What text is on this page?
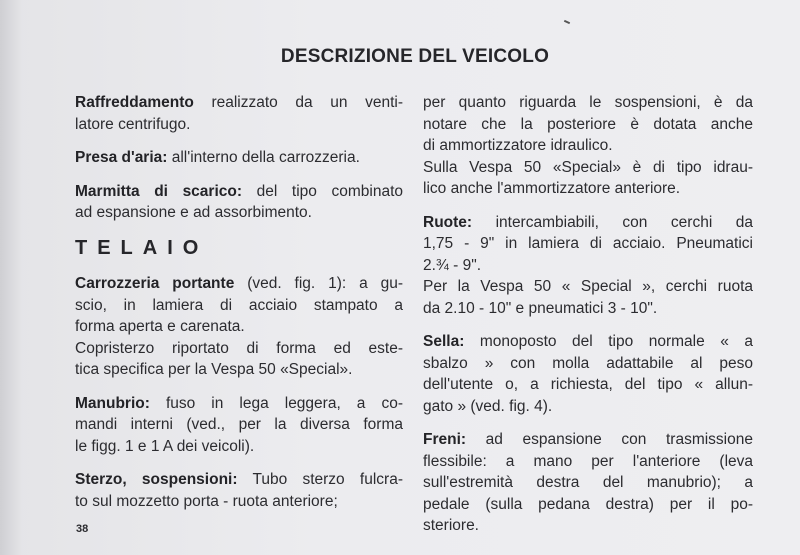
DESCRIZIONE DEL VEICOLO
Raffreddamento realizzato da un venti-
latore centrifugo.
Presa d'aria: all'interno della carrozzeria.
Marmitta di scarico: del tipo combinato
ad espansione e ad assorbimento.
TELAIO
Carrozzeria portante (ved. fig. 1): a gu-
scio, in lamiera di acciaio stampato a
forma aperta e carenata.
Copristerzo riportato di forma ed este-
tica specifica per la Vespa 50 «Special».
Manubrio: fuso in lega leggera, a co-
mandi interni (ved., per la diversa forma
le figg. 1 e 1 A dei veicoli).
Sterzo, sospensioni: Tubo sterzo fulcra-
to sul mozzetto porta - ruota anteriore;
per quanto riguarda le sospensioni, è da
notare che la posteriore è dotata anche
di ammortizzatore idraulico.
Sulla Vespa 50 «Special» è di tipo idrau-
lico anche l'ammortizzatore anteriore.
Ruote: intercambiabili, con cerchi da
1,75 - 9" in lamiera di acciaio. Pneumatici
2.¾ - 9".
Per la Vespa 50 « Special », cerchi ruota
da 2.10 - 10" e pneumatici 3 - 10".
Sella: monoposto del tipo normale « a
sbalzo » con molla adattabile al peso
dell'utente o, a richiesta, del tipo « allun-
gato » (ved. fig. 4).
Freni: ad espansione con trasmissione
flessibile: a mano per l'anteriore (leva
sull'estremità destra del manubrio); a
pedale (sulla pedana destra) per il po-
steriore.
38
